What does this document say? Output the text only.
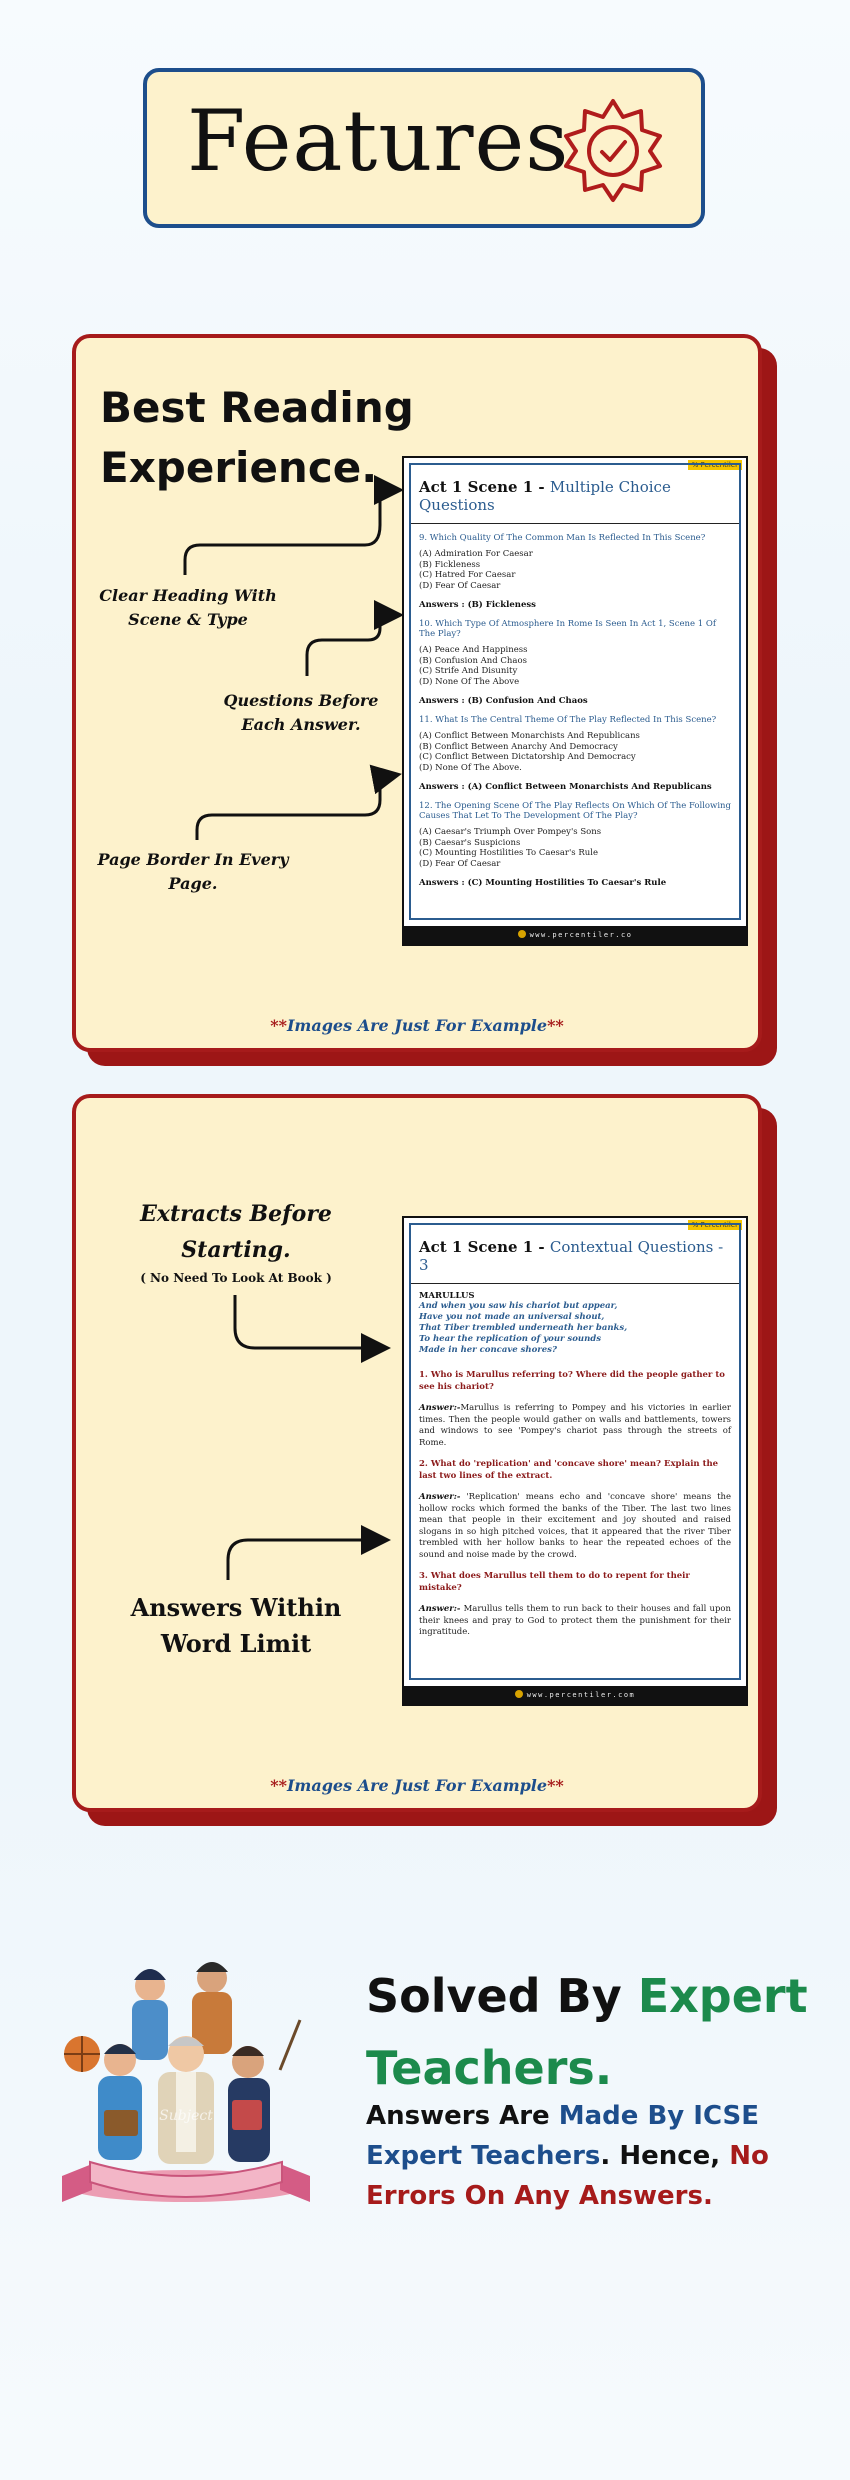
Features
Best Reading
Experience.
Clear Heading With
Scene & Type
Questions Before
Each Answer.
Page Border In Every
Page.
% Percentiler
Act 1 Scene 1 - Multiple Choice Questions
9. Which Quality Of The Common Man Is Reflected In This Scene?
(A) Admiration For Caesar
(B) Fickleness
(C) Hatred For Caesar
(D) Fear Of Caesar
Answers : (B) Fickleness
10. Which Type Of Atmosphere In Rome Is Seen In Act 1, Scene 1 Of The Play?
(A) Peace And Happiness
(B) Confusion And Chaos
(C) Strife And Disunity
(D) None Of The Above
Answers : (B) Confusion And Chaos
11. What Is The Central Theme Of The Play Reflected In This Scene?
(A) Conflict Between Monarchists And Republicans
(B) Conflict Between Anarchy And Democracy
(C) Conflict Between Dictatorship And Democracy
(D) None Of The Above.
Answers : (A) Conflict Between Monarchists And Republicans
12. The Opening Scene Of The Play Reflects On Which Of The Following Causes That Let To The Development Of The Play?
(A) Caesar's Triumph Over Pompey's Sons
(B) Caesar's Suspicions
(C) Mounting Hostilities To Caesar's Rule
(D) Fear Of Caesar
Answers : (C) Mounting Hostilities To Caesar's Rule
www.percentiler.co
**Images Are Just For Example**
Extracts Before
Starting.
( No Need To Look At Book )
Answers Within
Word Limit
% Percentiler
Act 1 Scene 1 - Contextual Questions - 3
MARULLUS
And when you saw his chariot but appear,
Have you not made an universal shout,
That Tiber trembled underneath her banks,
To hear the replication of your sounds
Made in her concave shores?
1. Who is Marullus referring to? Where did the people gather to see his chariot?
Answer:-Marullus is referring to Pompey and his victories in earlier times. Then the people would gather on walls and battlements, towers and windows to see 'Pompey's chariot pass through the streets of Rome.
2. What do 'replication' and 'concave shore' mean? Explain the last two lines of the extract.
Answer:- 'Replication' means echo and 'concave shore' means the hollow rocks which formed the banks of the Tiber. The last two lines mean that people in their excitement and joy shouted and raised slogans in so high pitched voices, that it appeared that the river Tiber trembled with her hollow banks to hear the repeated echoes of the sound and noise made by the crowd.
3. What does Marullus tell them to do to repent for their mistake?
Answer:- Marullus tells them to run back to their houses and fall upon their knees and pray to God to protect them the punishment for their ingratitude.
www.percentiler.com
**Images Are Just For Example**
Subject
Solved By Expert
Teachers.
Answers Are Made By ICSE Expert Teachers. Hence, No Errors On Any Answers.
